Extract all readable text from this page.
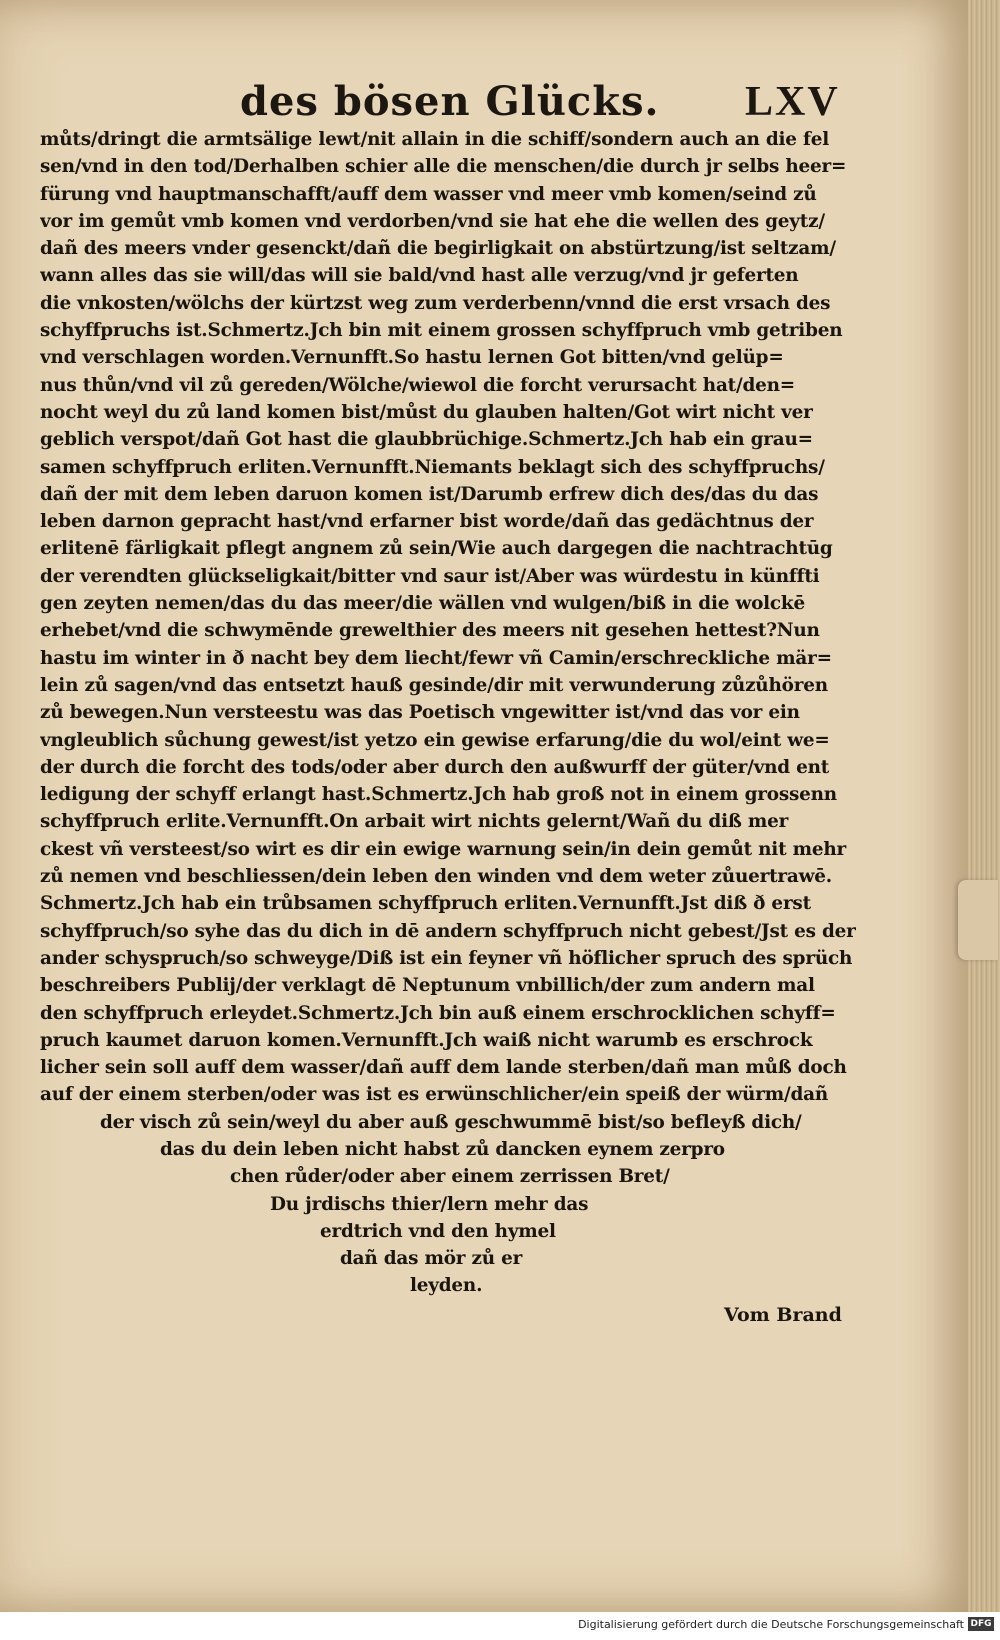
des bösen Glücks. LXV
můts/dringt die armtsälige lewt/nit allain in die schiff/sondern auch an die fel
sen/vnd in den tod/Derhalben schier alle die menschen/die durch jr selbs heer=
fürung vnd hauptmanschafft/auff dem wasser vnd meer vmb komen/seind zů
vor im gemůt vmb komen vnd verdorben/vnd sie hat ehe die wellen des geytz/
dañ des meers vnder gesenckt/dañ die begirligkait on abstürtzung/ist seltzam/
wann alles das sie will/das will sie bald/vnd hast alle verzug/vnd jr geferten
die vnkosten/wölchs der kürtzst weg zum verderbenn/vnnd die erst vrsach des
schyffpruchs ist.Schmertz.Jch bin mit einem grossen schyffpruch vmb getriben
vnd verschlagen worden.Vernunfft.So hastu lernen Got bitten/vnd gelüp=
nus thůn/vnd vil zů gereden/Wölche/wiewol die forcht verursacht hat/den=
nocht weyl du zů land komen bist/můst du glauben halten/Got wirt nicht ver
geblich verspot/dañ Got hast die glaubbrüchige.Schmertz.Jch hab ein grau=
samen schyffpruch erliten.Vernunfft.Niemants beklagt sich des schyffpruchs/
dañ der mit dem leben daruon komen ist/Darumb erfrew dich des/das du das
leben darnon gepracht hast/vnd erfarner bist worde/dañ das gedächtnus der
erlitenē färligkait pflegt angnem zů sein/Wie auch dargegen die nachtrachtūg
der verendten glückseligkait/bitter vnd saur ist/Aber was würdestu in künffti
gen zeyten nemen/das du das meer/die wällen vnd wulgen/biß in die wolckē
erhebet/vnd die schwymēnde grewelthier des meers nit gesehen hettest?Nun
hastu im winter in ð nacht bey dem liecht/fewr vñ Camin/erschreckliche mär=
lein zů sagen/vnd das entsetzt hauß gesinde/dir mit verwunderung zůzůhören
zů bewegen.Nun versteestu was das Poetisch vngewitter ist/vnd das vor ein
vngleublich sůchung gewest/ist yetzo ein gewise erfarung/die du wol/eint we=
der durch die forcht des tods/oder aber durch den außwurff der güter/vnd ent
ledigung der schyff erlangt hast.Schmertz.Jch hab groß not in einem grossenn
schyffpruch erlite.Vernunfft.On arbait wirt nichts gelernt/Wañ du diß mer
ckest vñ versteest/so wirt es dir ein ewige warnung sein/in dein gemůt nit mehr
zů nemen vnd beschliessen/dein leben den winden vnd dem weter zůuertrawē.
Schmertz.Jch hab ein trůbsamen schyffpruch erliten.Vernunfft.Jst diß ð erst
schyffpruch/so syhe das du dich in dē andern schyffpruch nicht gebest/Jst es der
ander schyspruch/so schweyge/Diß ist ein feyner vñ höflicher spruch des sprüch
beschreibers Publij/der verklagt dē Neptunum vnbillich/der zum andern mal
den schyffpruch erleydet.Schmertz.Jch bin auß einem erschrocklichen schyff=
pruch kaumet daruon komen.Vernunfft.Jch waiß nicht warumb es erschrock
licher sein soll auff dem wasser/dañ auff dem lande sterben/dañ man můß doch
auf der einem sterben/oder was ist es erwünschlicher/ein speiß der würm/dañ
der visch zů sein/weyl du aber auß geschwummē bist/so befleyß dich/
das du dein leben nicht habst zů dancken eynem zerpro
chen růder/oder aber einem zerrissen Bret/
Du jrdischs thier/lern mehr das
erdtrich vnd den hymel
dañ das mör zů er
leyden.
Vom Brand
Digitalisierung gefördert durch die Deutsche Forschungsgemeinschaft DFG
